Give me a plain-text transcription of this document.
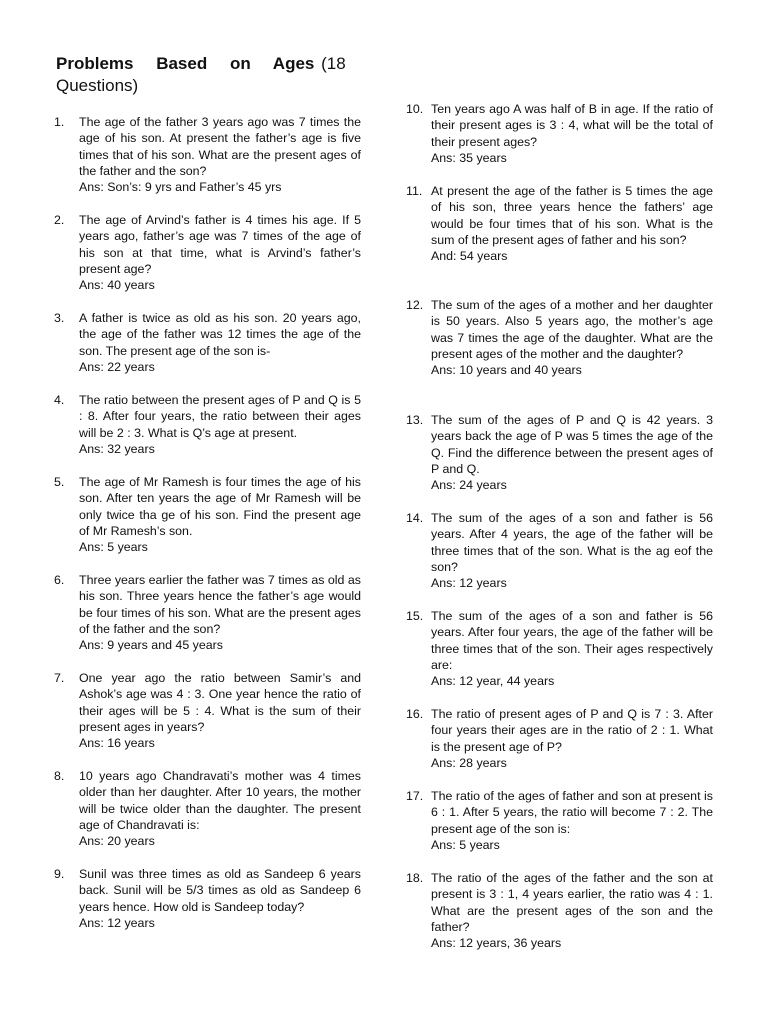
Problems Based on Ages (18 Questions)
1.	The age of the father 3 years ago was 7 times the age of his son. At present the father’s age is five times that of his son. What are the present ages of the father and the son?
Ans: Son’s: 9 yrs and Father’s 45 yrs
2.	The age of Arvind’s father is 4 times his age. If 5 years ago, father’s age was 7 times of the age of his son at that time, what is Arvind’s father’s present age?
Ans: 40 years
3.	A father is twice as old as his son. 20 years ago, the age of the father was 12 times the age of the son. The present age of the son is-
Ans: 22 years
4.	The ratio between the present ages of P and Q is 5 : 8. After four years, the ratio between their ages will be 2 : 3. What is Q’s age at present.
Ans: 32 years
5.	The age of Mr Ramesh is four times the age of his son. After ten years the age of Mr Ramesh will be only twice tha ge of his son. Find the present age of Mr Ramesh’s son.
Ans: 5 years
6.	Three years earlier the father was 7 times as old as his son. Three years hence the father’s age would be four times of his son. What are the present ages of the father and the son?
Ans: 9 years and 45 years
7.	One year ago the ratio between Samir’s and Ashok’s age was 4 : 3. One year hence the ratio of their ages will be 5 : 4. What is the sum of their present ages in years?
Ans: 16 years
8.	10 years ago Chandravati’s mother was 4 times older than her daughter. After 10 years, the mother will be twice older than the daughter. The present age of Chandravati is:
Ans: 20 years
9.	Sunil was three times as old as Sandeep 6 years back. Sunil will be 5/3 times as old as Sandeep 6 years hence. How old is Sandeep today?
Ans: 12 years
10. Ten years ago A was half of B in age. If the ratio of their present ages is 3 : 4, what will be the total of their present ages?
Ans: 35 years
11. At present the age of the father is 5 times the age of his son, three years hence the fathers’ age would be four times that of his son. What is the sum of the present ages of father and his son?
And: 54 years
12. The sum of the ages of a mother and her daughter is 50 years. Also 5 years ago, the mother’s age was 7 times the age of the daughter. What are the present ages of the mother and the daughter?
Ans: 10 years and 40 years
13. The sum of the ages of P and Q is 42 years. 3 years back the age of P was 5 times the age of the Q. Find the difference between the present ages of P and Q.
Ans: 24 years
14. The sum of the ages of a son and father is 56 years. After 4 years, the age of the father will be three times that of the son. What is the ag eof the son?
Ans: 12 years
15. The sum of the ages of a son and father is 56 years. After four years, the age of the father will be three times that of the son. Their ages respectively are:
Ans: 12 year, 44 years
16. The ratio of present ages of P and Q is 7 : 3. After four years their ages are in the ratio of 2 : 1. What is the present age of P?
Ans: 28 years
17. The ratio of the ages of father and son at present is 6 : 1. After 5 years, the ratio will become 7 : 2. The present age of the son is:
Ans: 5 years
18. The ratio of the ages of the father and the son at present is 3 : 1, 4 years earlier, the ratio was 4 : 1. What are the present ages of the son and the father?
Ans: 12 years, 36 years
